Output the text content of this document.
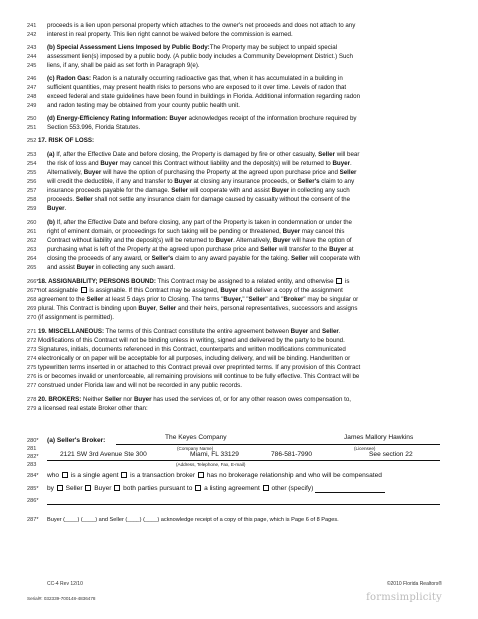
241 proceeds is a lien upon personal property which attaches to the owner's net proceeds and does not attach to any
242 interest in real property. This lien right cannot be waived before the commission is earned.
243 (b) Special Assessment Liens Imposed by Public Body:The Property may be subject to unpaid special
244 assessment lien(s) imposed by a public body. (A public body includes a Community Development District.) Such
245 liens, if any, shall be paid as set forth in Paragraph 9(e).
246 (c) Radon Gas: Radon is a naturally occurring radioactive gas that, when it has accumulated in a building in
247 sufficient quantities, may present health risks to persons who are exposed to it over time. Levels of radon that
248 exceed federal and state guidelines have been found in buildings in Florida. Additional information regarding radon
249 and radon testing may be obtained from your county public health unit.
250 (d) Energy-Efficiency Rating Information: Buyer acknowledges receipt of the information brochure required by
251 Section 553.996, Florida Statutes.
252 17. RISK OF LOSS:
253 (a) If, after the Effective Date and before closing, the Property is damaged by fire or other casualty, Seller will bear
254 the risk of loss and Buyer may cancel this Contract without liability and the deposit(s) will be returned to Buyer.
255 Alternatively, Buyer will have the option of purchasing the Property at the agreed upon purchase price and Seller
256 will credit the deductible, if any and transfer to Buyer at closing any insurance proceeds, or Seller's claim to any
257 insurance proceeds payable for the damage. Seller will cooperate with and assist Buyer in collecting any such
258 proceeds. Seller shall not settle any insurance claim for damage caused by casualty without the consent of the
259 Buyer.
260 (b) If, after the Effective Date and before closing, any part of the Property is taken in condemnation or under the
261 right of eminent domain, or proceedings for such taking will be pending or threatened, Buyer may cancel this
262 Contract without liability and the deposit(s) will be returned to Buyer. Alternatively, Buyer will have the option of
263 purchasing what is left of the Property at the agreed upon purchase price and Seller will transfer to the Buyer at
264 closing the proceeds of any award, or Seller's claim to any award payable for the taking. Seller will cooperate with
265 and assist Buyer in collecting any such award.
266* 18. ASSIGNABILITY; PERSONS BOUND: This Contract may be assigned to a related entity, and otherwise  is
267* not assignable  is assignable. If this Contract may be assigned, Buyer shall deliver a copy of the assignment
268 agreement to the Seller at least 5 days prior to Closing. The terms "Buyer," "Seller" and "Broker" may be singular or
269 plural. This Contract is binding upon Buyer, Seller and their heirs, personal representatives, successors and assigns
270 (if assignment is permitted).
271 19. MISCELLANEOUS: The terms of this Contract constitute the entire agreement between Buyer and Seller.
272 Modifications of this Contract will not be binding unless in writing, signed and delivered by the party to be bound.
273 Signatures, initials, documents referenced in this Contract, counterparts and written modifications communicated
274 electronically or on paper will be acceptable for all purposes, including delivery, and will be binding. Handwritten or
275 typewritten terms inserted in or attached to this Contract prevail over preprinted terms. If any provision of this Contract
276 is or becomes invalid or unenforceable, all remaining provisions will continue to be fully effective. This Contract will be
277 construed under Florida law and will not be recorded in any public records.
278 20. BROKERS: Neither Seller nor Buyer has used the services of, or for any other reason owes compensation to,
279 a licensed real estate Broker other than:
280* (a) Seller's Broker:	The Keyes Company	James Mallory Hawkins
281	(Company Name)	(Licensee)
282*	2121 SW 3rd Avenue Ste 300	Miami, FL 33129	786-581-7990	See section 22
283	(Address, Telephone, Fax, E-mail)
284* who is a single agent is a transaction broker has no brokerage relationship and who will be compensated
285* by Seller Buyer both parties pursuant to a listing agreement other (specify)
286*
287* Buyer (____) (____) and Seller (____) (____) acknowledge receipt of a copy of this page, which is Page 6 of 8 Pages.
CC-4 Rev 12/10	©2010 Florida Realtors®
Serial#: 032339-700148-4836478	formsimplicity
